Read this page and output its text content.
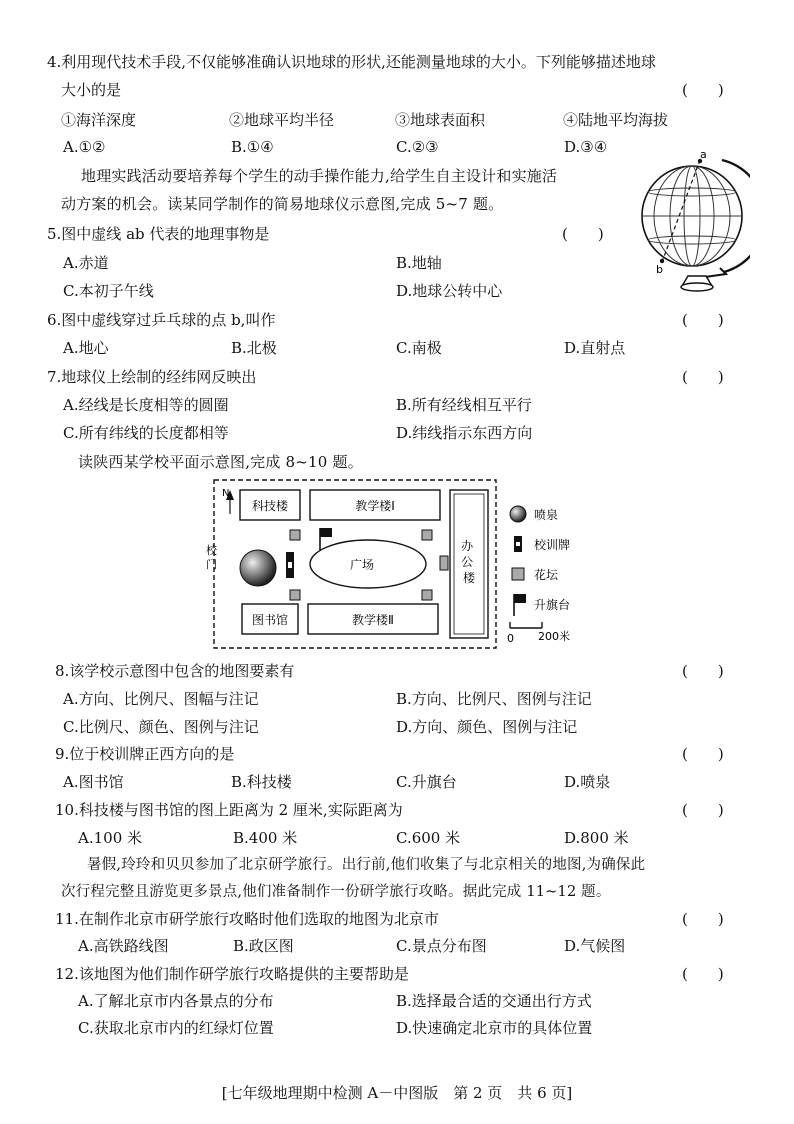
4.利用现代技术手段,不仅能够准确认识地球的形状,还能测量地球的大小。下列能够描述地球
大小的是	(　　)
①海洋深度	②地球平均半径	③地球表面积	④陆地平均海拔
A.①②	B.①④	C.②③	D.③④
地理实践活动要培养每个学生的动手操作能力,给学生自主设计和实施活
动方案的机会。读某同学制作的简易地球仪示意图,完成 5~7 题。
a
b
5.图中虚线 ab 代表的地理事物是	(　　)
A.赤道	B.地轴
C.本初子午线	D.地球公转中心
6.图中虚线穿过乒乓球的点 b,叫作	(　　)
A.地心	B.北极	C.南极	D.直射点
7.地球仪上绘制的经纬网反映出	(　　)
A.经线是长度相等的圆圈	B.所有经线相互平行
C.所有纬线的长度都相等	D.纬线指示东西方向
读陕西某学校平面示意图,完成 8~10 题。
N
科技楼	教学楼Ⅰ
办 公 楼
校 门	广场
图书馆	教学楼Ⅱ
喷泉
校训牌
花坛
升旗台
0 200米
8.该学校示意图中包含的地图要素有	(　　)
A.方向、比例尺、图幅与注记	B.方向、比例尺、图例与注记
C.比例尺、颜色、图例与注记	D.方向、颜色、图例与注记
9.位于校训牌正西方向的是	(　　)
A.图书馆	B.科技楼	C.升旗台	D.喷泉
10.科技楼与图书馆的图上距离为 2 厘米,实际距离为	(　　)
A.100 米	B.400 米	C.600 米	D.800 米
暑假,玲玲和贝贝参加了北京研学旅行。出行前,他们收集了与北京相关的地图,为确保此
次行程完整且游览更多景点,他们准备制作一份研学旅行攻略。据此完成 11~12 题。
11.在制作北京市研学旅行攻略时他们选取的地图为北京市	(　　)
A.高铁路线图	B.政区图	C.景点分布图	D.气候图
12.该地图为他们制作研学旅行攻略提供的主要帮助是	(　　)
A.了解北京市内各景点的分布	B.选择最合适的交通出行方式
C.获取北京市内的红绿灯位置	D.快速确定北京市的具体位置
[七年级地理期中检测 A－中图版　第 2 页　共 6 页]
